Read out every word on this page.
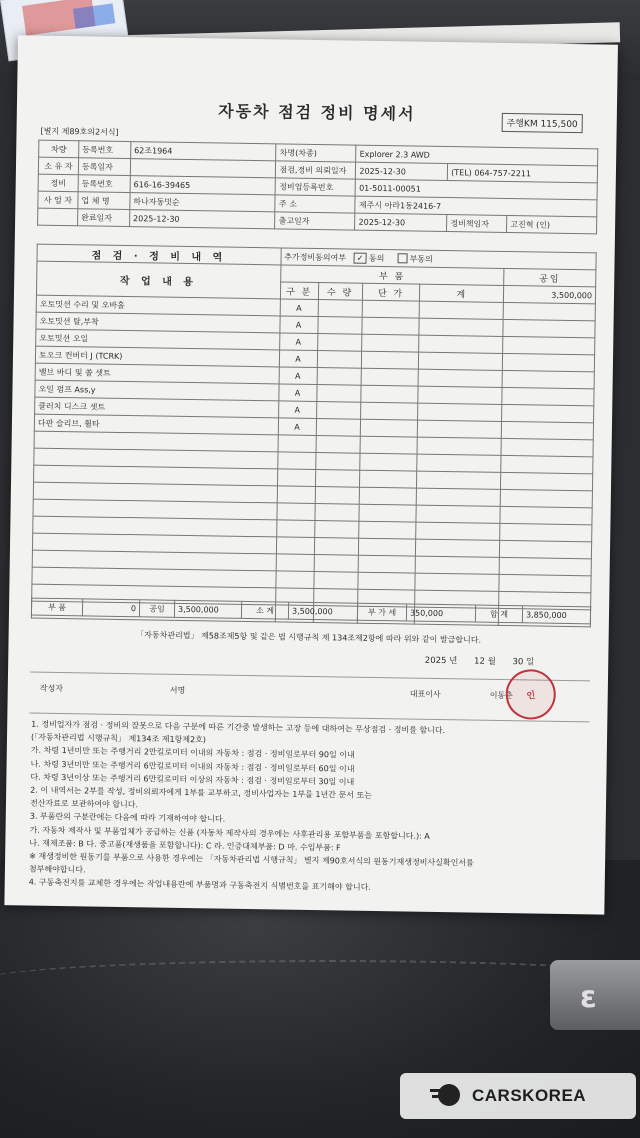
ɛ
자동차 점검 정비 명세서
[별지 제89호의2서식]
주행KM 115,500
차량	등록번호	62조1964	차명(차종)	Explorer 2.3 AWD		
소 유 자	등록일자		점검,정비 의뢰일자	2025-12-30	(TEL) 064-757-2211	
정비	등록번호	616-16-39465	정비업등록번호	01-5011-00051		
사 업 자	업 체 명	하나자동밋순	주 소	제주시 아라1동2416-7		
	완료일자	2025-12-30	출고일자	2025-12-30	정비책임자	고진혁 (인)
점 검 · 정 비 내 역	추가정비동의여부 ✓ 동의 부동의				
작 업 내 용	부 품				공임
	구 분	수 량	단 가	계	3,500,000
오토밋션 수리 및 오바홀	A				
오토밋션 탈,부착	A				
오토밋션 오일	A				
토오크 컨버터 J (TCRK)	A				
밸브 바디 및 쏠 셋트	A				
오일 펌프 Ass,y	A				
클러치 디스크 셋트	A				
다판 슬리브, 휠타	A				

부 품	0	공임	3,500,000	소 계	3,500,000	부 가 세	350,000	합 계	3,850,000
「자동차관리법」 제58조제5항 및 같은 법 시행규칙 제 134조제2항에 따라 위와 같이 발급합니다.
2025 년 12 월 30 일
작성자	서명	대표이사	이동춘	인
1. 정비업자가 점검 · 정비의 잘못으로 다음 구분에 따른 기간중 발생하는 고장 등에 대하여는 무상점검 · 정비를 합니다.
(「자동차관리법 시행규칙」 제134조 제1항제2호)
가. 차령 1년미만 또는 주행거리 2만킬로미터 이내의 자동차 : 점검 · 정비일로부터 90일 이내
나. 차령 3년미만 또는 주행거리 6만킬로미터 이내의 자동차 : 점검 · 정비일로부터 60일 이내
다. 차령 3년이상 또는 주행거리 6만킬로미터 이상의 자동차 : 점검 · 정비일로부터 30일 이내
2. 이 내역서는 2부를 작성, 정비의뢰자에게 1부를 교부하고, 정비사업자는 1부를 1년간 문서 또는
전산자료로 보관하여야 합니다.
3. 부품란의 구분란에는 다음에 따라 기재하여야 합니다.
가. 자동차 제작사 및 부품업체가 공급하는 신품 (자동차 제작사의 경우에는 사후관리용 포함부품을 포함합니다.): A
나. 재제조품: B 다. 중고품(재생품을 포함합니다): C 라. 인증대체부품: D 마. 수입부품: F
※ 재생정비한 원동기를 부품으로 사용한 경우에는 「자동차관리법 시행규칙」 별지 제90호서식의 원동기재생정비사실확인서를
첨부해야합니다.
4. 구동축전지를 교체한 경우에는 작업내용란에 부품명과 구동축전지 식별번호를 표기해야 합니다.
CARSKOREA
